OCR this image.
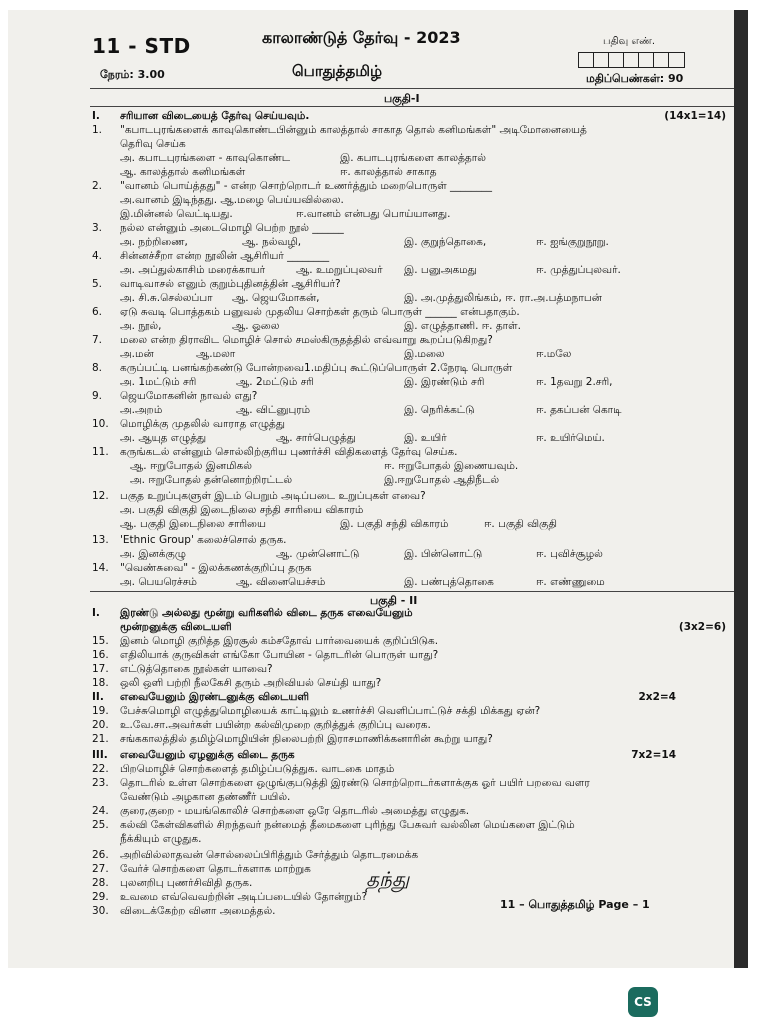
11 - STD
நேரம்: 3.00
காலாண்டுத் தேர்வு - 2023
பொதுத்தமிழ்
பதிவு எண்.
மதிப்பெண்கள்: 90
பகுதி-I
I.	சரியான விடையைத் தேர்வு செய்யவும்.	(14x1=14)
1.	"கபாடபுரங்களைக் காவுகொண்டபின்னும் காலத்தால் சாகாத தொல் கனிமங்கள்" அடிமோனையைத்
தெரிவு செய்க
அ. கபாடபுரங்களை - காவுகொண்ட	இ. கபாடபுரங்களை காலத்தால்
ஆ. காலத்தால் கனிமங்கள்	ஈ. காலத்தால் சாகாத
2.	"வானம் பொய்த்தது" - என்ற சொற்றொடர் உணர்த்தும் மறைபொருள் ________
அ.வானம் இடிந்தது. ஆ.மழை பெய்யவில்லை.
இ.மின்னல் வெட்டியது.	ஈ.வானம் என்பது பொய்யானது.
3.	நல்ல என்னும் அடைமொழி பெற்ற நூல் ______
அ. நற்றிணை,	ஆ. நல்வழி,	இ. குறுந்தொகை,	ஈ. ஐங்குறுநூறு.
4.	சின்னச்சீறா என்ற நூலின் ஆசிரியர் ________
அ. அப்துல்காசிம் மரைக்காயர்	ஆ. உமறுப்புலவர் இ. பனுஅகமது	ஈ. முத்துப்புலவர்.
5.	வாடிவாசல் எனும் குறும்புதினத்தின் ஆசிரியர்?
அ. சி.சு.செல்லப்பா ஆ. ஜெயமோகன்,	இ. அ.முத்துலிங்கம், ஈ. ரா.அ.பத்மநாபன்
6.	ஏடு சுவடி பொத்தகம் பனுவல் முதலிய சொற்கள் தரும் பொருள் ______ என்பதாகும்.
அ. நூல்,	ஆ. ஓலை	இ. எழுத்தாணி. ஈ. தாள்.
7.	மலை என்ற திராவிட மொழிச் சொல் சமஸ்கிருதத்தில் எவ்வாறு கூறப்படுகிறது?
அ.மன்	ஆ.மலா	இ.மலை	ஈ.மலே
8.	கருப்பட்டி பனங்கற்கண்டு போன்றவை1.மதிப்பு கூட்டுப்பொருள் 2.நேரடி பொருள்
அ. 1மட்டும் சரி	ஆ. 2மட்டும் சரி	இ. இரண்டும் சரி	ஈ. 1தவறு 2.சரி,
9.	ஜெயமோகனின் நாவல் எது?
அ.அறம்	ஆ. விட்னுபுரம்	இ. நெரிக்கட்டு	ஈ. தகப்பன் கொடி
10.	மொழிக்கு முதலில் வாராத எழுத்து
அ. ஆயுத எழுத்து	ஆ. சார்பெழுத்து	இ. உயிர்	ஈ. உயிர்மெய்.
11.	கருங்கடல் என்னும் சொல்லிற்குரிய புணர்ச்சி விதிகளைத் தேர்வு செய்க.
ஆ. ஈறுபோதல் இனமிகல்	ஈ. ஈறுபோதல் இணையவும்.
அ. ஈறுபோதல் தன்னொற்றிரட்டல்	இ.ஈறுபோதல் ஆதிநீடல்
12.	பகுத உறுப்புகளுள் இடம் பெறும் அடிப்படை உறுப்புகள் எவை?
அ. பகுதி விகுதி இடைநிலை சந்தி சாரியை விகாரம்
ஆ. பகுதி இடைநிலை சாரியை	இ. பகுதி சந்தி விகாரம்	ஈ. பகுதி விகுதி
13.	'Ethnic Group' கலைச்சொல் தருக.
அ. இனக்குழு	ஆ. முன்னொட்டு	இ. பின்னொட்டு	ஈ. புவிச்சூழல்
14.	"வெண்சுவை" - இலக்கணக்குறிப்பு தருக
அ. பெயரெச்சம்	ஆ. வினையெச்சம்	இ. பண்புத்தொகை	ஈ. எண்ணுமை
பகுதி - II
I.	இரண்டு அல்லது மூன்று வரிகளில் விடை தருக எவையேனும்
மூன்றனுக்கு விடையளி	(3x2=6)
15.	இனம் மொழி குறித்த இரசூல் கம்சதோவ் பார்வையைக் குறிப்பிடுக.
16.	எதிலியாக் குருவிகள் எங்கோ போயின - தொடரின் பொருள் யாது?
17.	எட்டுத்தொகை நூல்கள் யாவை?
18.	ஒலி ஒளி பற்றி நீலகேசி தரும் அறிவியல் செய்தி யாது?
II.	எவையேனும் இரண்டனுக்கு விடையளி	2x2=4
19.	பேச்சுமொழி எழுத்துமொழியைக் காட்டிலும் உணர்ச்சி வெளிப்பாட்டுச் சக்தி மிக்கது ஏன்?
20.	உ.வே.சா.அவர்கள் பயின்ற கல்விமுறை குறித்துக் குறிப்பு வரைக.
21.	சங்ககாலத்தில் தமிழ்மொழியின் நிலைபற்றி இராசமாணிக்கனாரின் கூற்று யாது?
III.	எவையேனும் ஏழனுக்கு விடை தருக	7x2=14
22.	பிறமொழிச் சொற்களைத் தமிழ்ப்படுத்துக. வாடகை மாதம்
23.	தொடரில் உள்ள சொற்களை ஒழுங்குபடுத்தி இரண்டு சொற்றொடர்களாக்குக ஓர் பயிர் பறவை வளர
வேண்டும் அழகான தண்ணீர் பயில்.
24.	குரை,குறை - மயங்கொலிச் சொற்களை ஒரே தொடரில் அமைத்து எழுதுக.
25.	கல்வி கேள்விகளில் சிறந்தவர் நன்மைத் தீமைகளை புரிந்து பேசுவர் வல்லின மெய்களை இட்டும்
நீக்கியும் எழுதுக.
26.	அறிவில்லாதவன் சொல்லைப்பிரித்தும் சேர்த்தும் தொடரமைக்க
27.	வேர்ச் சொற்களை தொடர்களாக மாற்றுக
28.	புலனறிபு புணர்சிவிதி தருக.
29.	உவமை எவ்வெவற்றின் அடிப்படையில் தோன்றும்?
30.	விடைக்கேற்ற வினா அமைத்தல்.
தந்து
11 – பொதுத்தமிழ் Page – 1
CS
